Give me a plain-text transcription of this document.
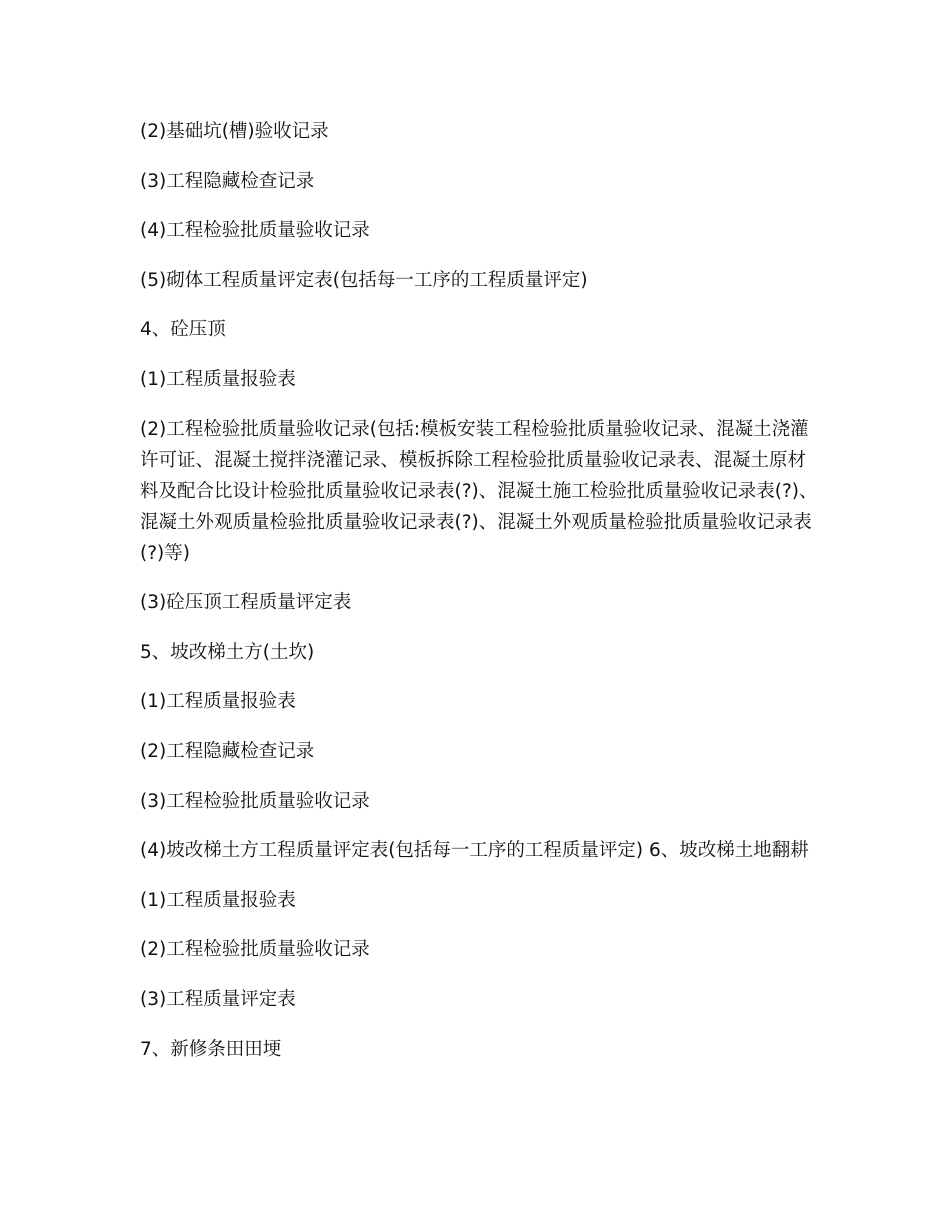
(2)基础坑(槽)验收记录

(3)工程隐藏检查记录

(4)工程检验批质量验收记录

(5)砌体工程质量评定表(包括每一工序的工程质量评定)

4、砼压顶

(1)工程质量报验表

(2)工程检验批质量验收记录(包括:模板安装工程检验批质量验收记录、混凝土浇灌许可证、混凝土搅拌浇灌记录、模板拆除工程检验批质量验收记录表、混凝土原材料及配合比设计检验批质量验收记录表(?)、混凝土施工检验批质量验收记录表(?)、混凝土外观质量检验批质量验收记录表(?)、混凝土外观质量检验批质量验收记录表(?)等)

(3)砼压顶工程质量评定表

5、坡改梯土方(土坎)

(1)工程质量报验表

(2)工程隐藏检查记录

(3)工程检验批质量验收记录

(4)坡改梯土方工程质量评定表(包括每一工序的工程质量评定) 6、坡改梯土地翻耕

(1)工程质量报验表

(2)工程检验批质量验收记录

(3)工程质量评定表

7、新修条田田埂
